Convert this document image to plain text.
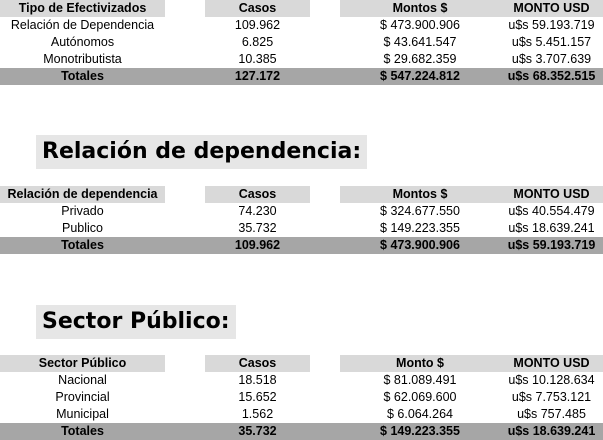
Tipo de Efectivizados	Casos	Montos $	MONTO USD
Relación de Dependencia	109.962	$ 473.900.906	u$s 59.193.719
Autónomos	6.825	$ 43.641.547	u$s 5.451.157
Monotributista	10.385	$ 29.682.359	u$s 3.707.639
Totales	127.172	$ 547.224.812	u$s 68.352.515
Relación de dependencia:
Relación de dependencia	Casos	Montos $	MONTO USD
Privado	74.230	$ 324.677.550	u$s 40.554.479
Publico	35.732	$ 149.223.355	u$s 18.639.241
Totales	109.962	$ 473.900.906	u$s 59.193.719
Sector Público:
Sector Público	Casos	Monto $	MONTO USD
Nacional	18.518	$ 81.089.491	u$s 10.128.634
Provincial	15.652	$ 62.069.600	u$s 7.753.121
Municipal	1.562	$ 6.064.264	u$s 757.485
Totales	35.732	$ 149.223.355	u$s 18.639.241
